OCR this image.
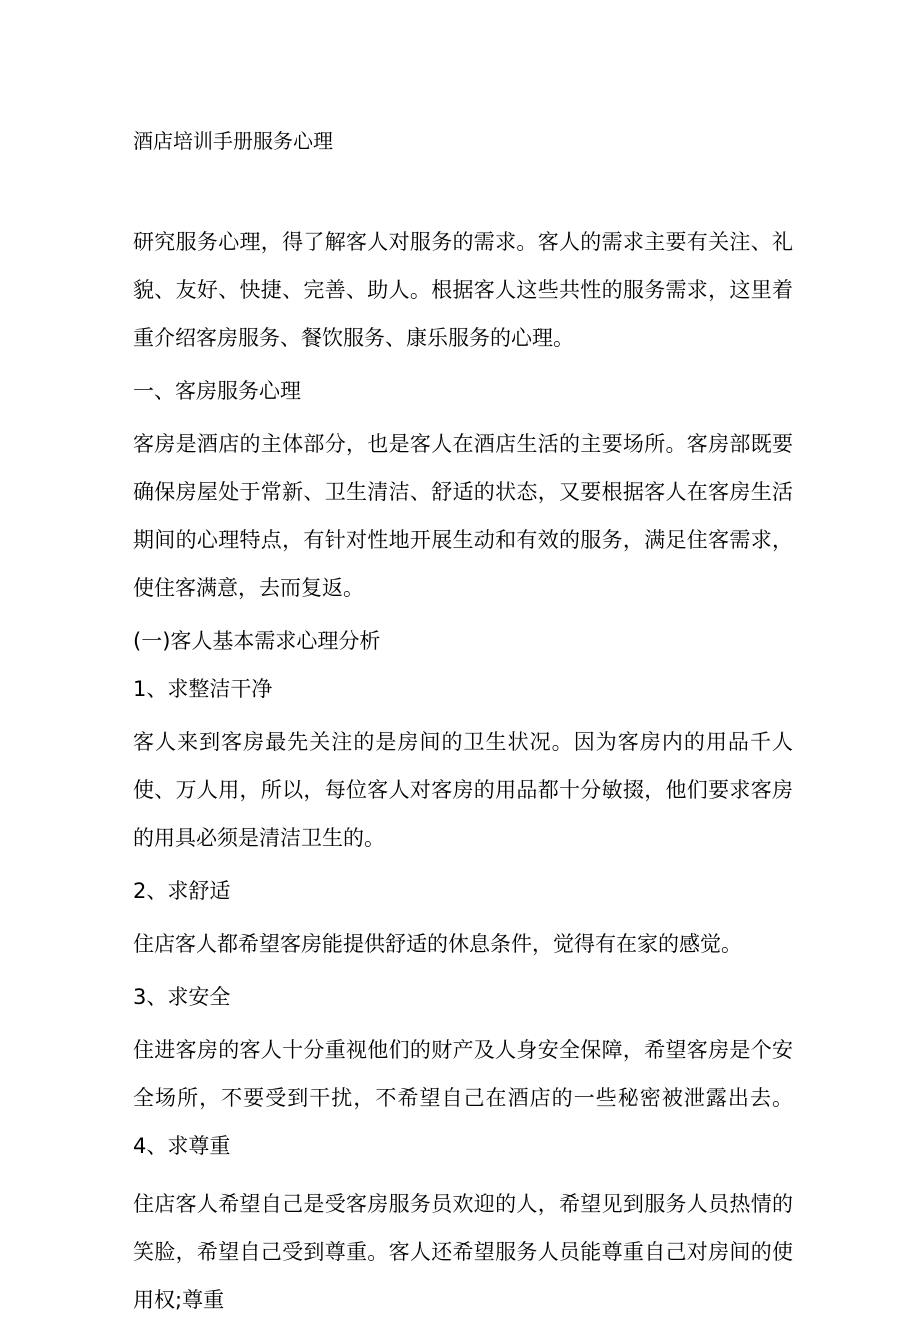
酒店培训手册服务心理

研究服务心理，得了解客人对服务的需求。客人的需求主要有关注、礼貌、友好、快捷、完善、助人。根据客人这些共性的服务需求，这里着重介绍客房服务、餐饮服务、康乐服务的心理。

一、客房服务心理

客房是酒店的主体部分，也是客人在酒店生活的主要场所。客房部既要确保房屋处于常新、卫生清洁、舒适的状态，又要根据客人在客房生活期间的心理特点，有针对性地开展生动和有效的服务，满足住客需求，使住客满意，去而复返。

(一)客人基本需求心理分析

1、求整洁干净

客人来到客房最先关注的是房间的卫生状况。因为客房内的用品千人使、万人用，所以，每位客人对客房的用品都十分敏掇，他们要求客房的用具必须是清洁卫生的。

2、求舒适

住店客人都希望客房能提供舒适的休息条件，觉得有在家的感觉。

3、求安全

住进客房的客人十分重视他们的财产及人身安全保障，希望客房是个安全场所，不要受到干扰，不希望自己在酒店的一些秘密被泄露出去。4、求尊重

住店客人希望自己是受客房服务员欢迎的人，希望见到服务人员热情的笑脸，希望自己受到尊重。客人还希望服务人员能尊重自己对房间的使用权;尊重
